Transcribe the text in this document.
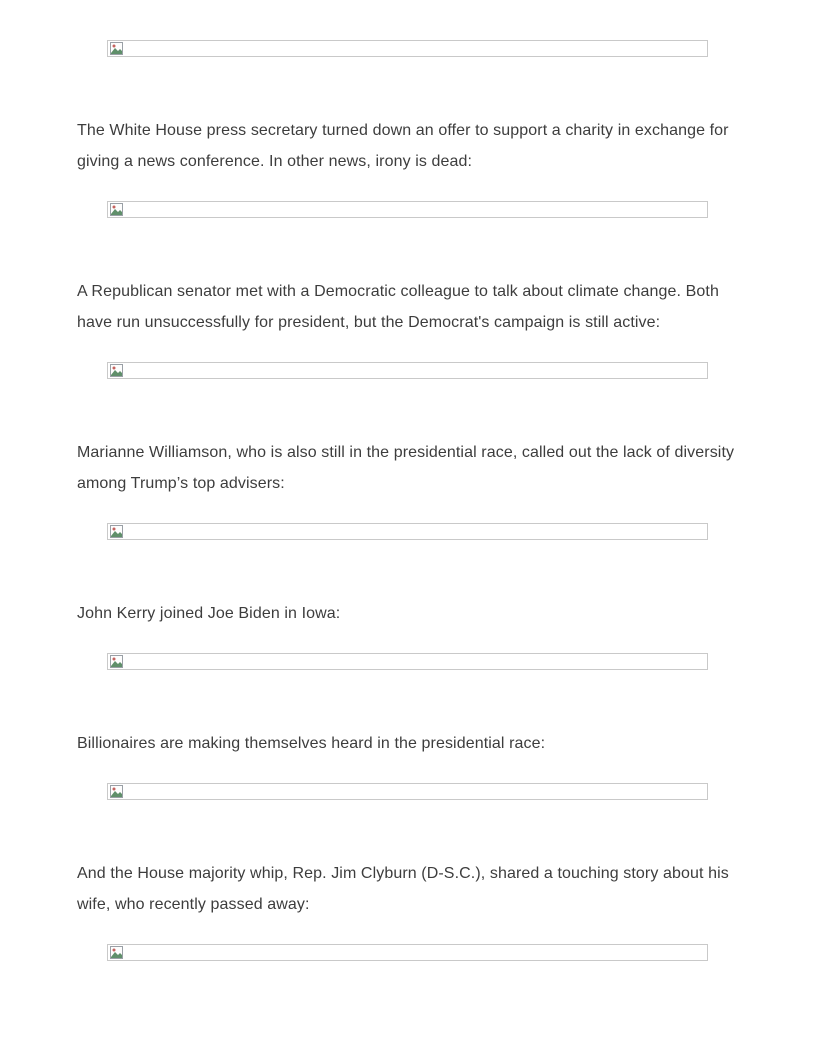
The White House press secretary turned down an offer to support a charity in exchange for giving a news conference. In other news, irony is dead:

A Republican senator met with a Democratic colleague to talk about climate change. Both have run unsuccessfully for president, but the Democrat's campaign is still active:

Marianne Williamson, who is also still in the presidential race, called out the lack of diversity among Trump’s top advisers:

John Kerry joined Joe Biden in Iowa:

Billionaires are making themselves heard in the presidential race:

And the House majority whip, Rep. Jim Clyburn (D-S.C.), shared a touching story about his wife, who recently passed away:
